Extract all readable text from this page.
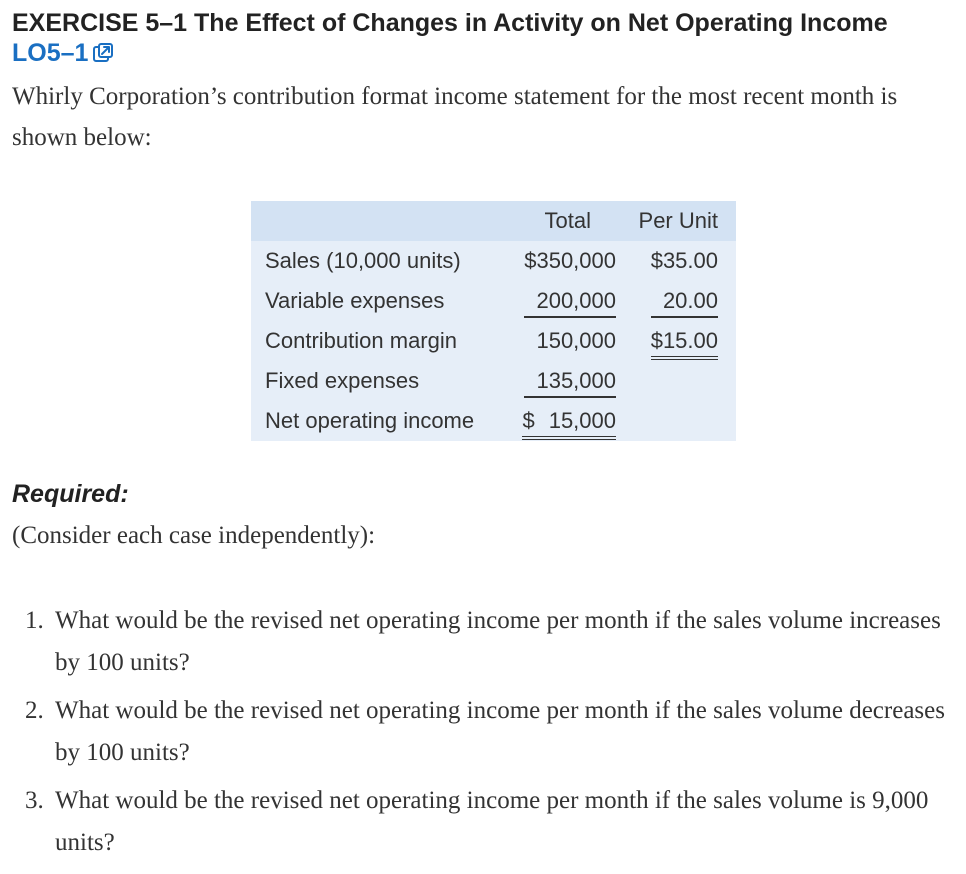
EXERCISE 5–1 The Effect of Changes in Activity on Net Operating Income LO5–1

Whirly Corporation’s contribution format income statement for the most recent month is shown below:

Total Per Unit
Sales (10,000 units)	$350,000 $35.00
Variable expenses	200,000	20.00
Contribution margin	150,000 $15.00
Fixed expenses	135,000
Net operating income $ 15,000
Required:

(Consider each case independently):

1. What would be the revised net operating income per month if the sales volume increases by 100 units?
2. What would be the revised net operating income per month if the sales volume decreases by 100 units?
3. What would be the revised net operating income per month if the sales volume is 9,000 units?
